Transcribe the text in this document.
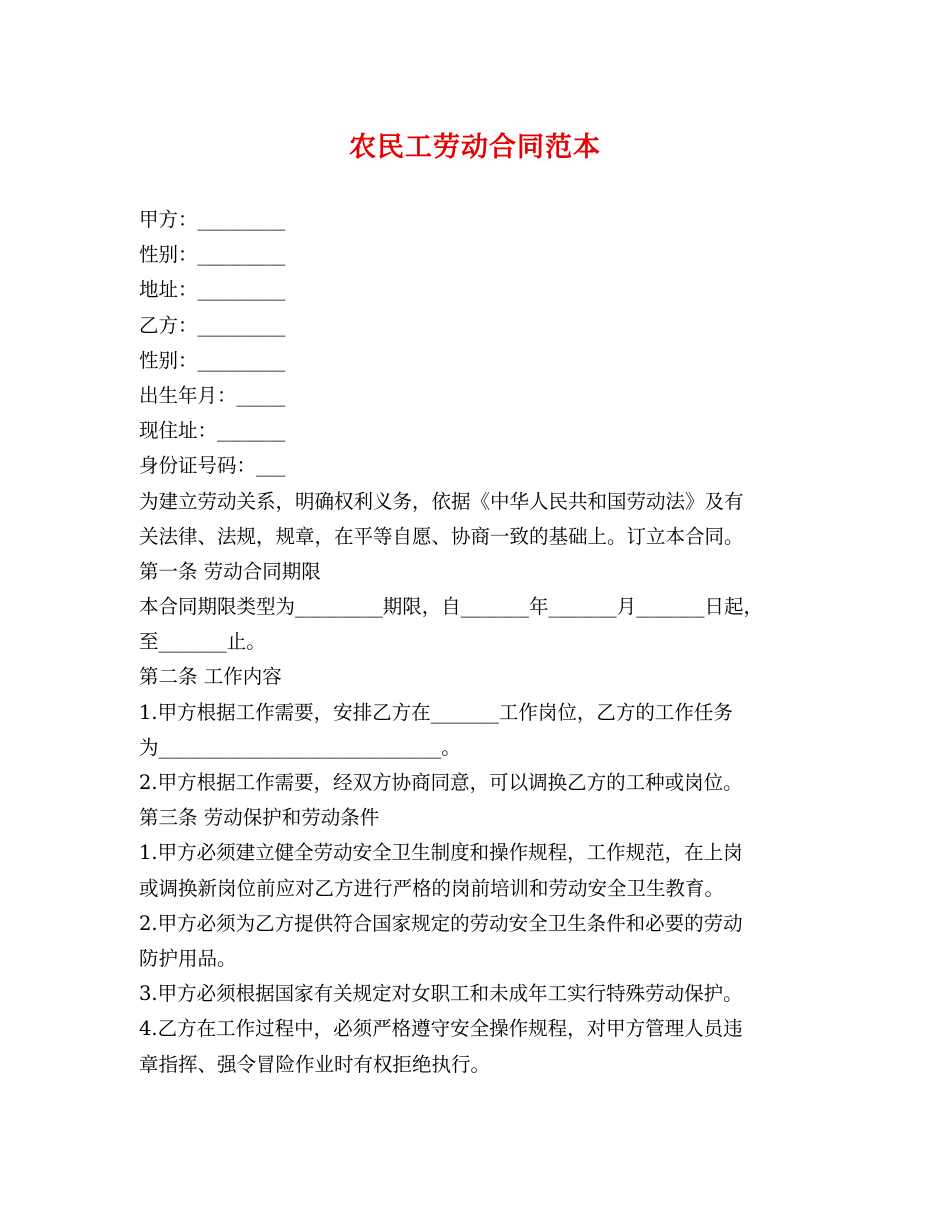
农民工劳动合同范本
甲方：_________
性别：_________
地址：_________
乙方：_________
性别：_________
出生年月：_____
现住址：_______
身份证号码：___
为建立劳动关系，明确权利义务，依据《中华人民共和国劳动法》及有
关法律、法规，规章，在平等自愿、协商一致的基础上。订立本合同。
第一条 劳动合同期限
本合同期限类型为_________期限，自_______年_______月_______日起，
至_______止。
第二条 工作内容
1.甲方根据工作需要，安排乙方在_______工作岗位，乙方的工作任务
为_____________________________。
2.甲方根据工作需要，经双方协商同意，可以调换乙方的工种或岗位。
第三条 劳动保护和劳动条件
1.甲方必须建立健全劳动安全卫生制度和操作规程，工作规范，在上岗
或调换新岗位前应对乙方进行严格的岗前培训和劳动安全卫生教育。
2.甲方必须为乙方提供符合国家规定的劳动安全卫生条件和必要的劳动
防护用品。
3.甲方必须根据国家有关规定对女职工和未成年工实行特殊劳动保护。
4.乙方在工作过程中，必须严格遵守安全操作规程，对甲方管理人员违
章指挥、强令冒险作业时有权拒绝执行。
